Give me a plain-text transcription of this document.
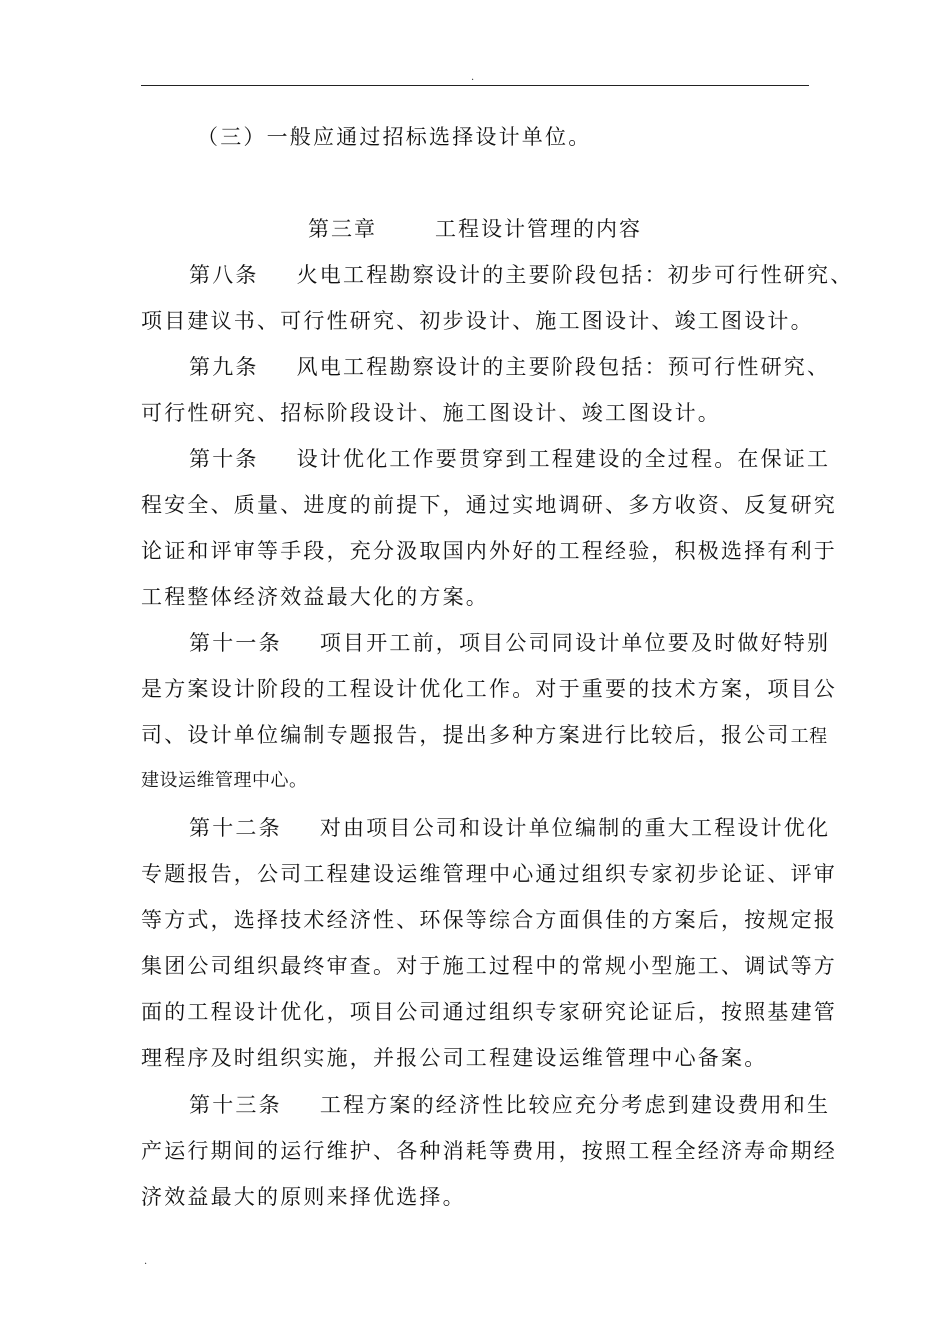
.
（三）一般应通过招标选择设计单位。
第三章	工程设计管理的内容
第八条 火电工程勘察设计的主要阶段包括：初步可行性研究、
项目建议书、可行性研究、初步设计、施工图设计、竣工图设计。
第九条 风电工程勘察设计的主要阶段包括：预可行性研究、
可行性研究、招标阶段设计、施工图设计、竣工图设计。
第十条 设计优化工作要贯穿到工程建设的全过程。在保证工
程安全、质量、进度的前提下，通过实地调研、多方收资、反复研究
论证和评审等手段，充分汲取国内外好的工程经验，积极选择有利于
工程整体经济效益最大化的方案。
第十一条 项目开工前，项目公司同设计单位要及时做好特别
是方案设计阶段的工程设计优化工作。对于重要的技术方案，项目公
司、设计单位编制专题报告，提出多种方案进行比较后，报公司工程
建设运维管理中心。
第十二条 对由项目公司和设计单位编制的重大工程设计优化
专题报告，公司工程建设运维管理中心通过组织专家初步论证、评审
等方式，选择技术经济性、环保等综合方面俱佳的方案后，按规定报
集团公司组织最终审查。对于施工过程中的常规小型施工、调试等方
面的工程设计优化，项目公司通过组织专家研究论证后，按照基建管
理程序及时组织实施，并报公司工程建设运维管理中心备案。
第十三条 工程方案的经济性比较应充分考虑到建设费用和生
产运行期间的运行维护、各种消耗等费用，按照工程全经济寿命期经
济效益最大的原则来择优选择。
.
